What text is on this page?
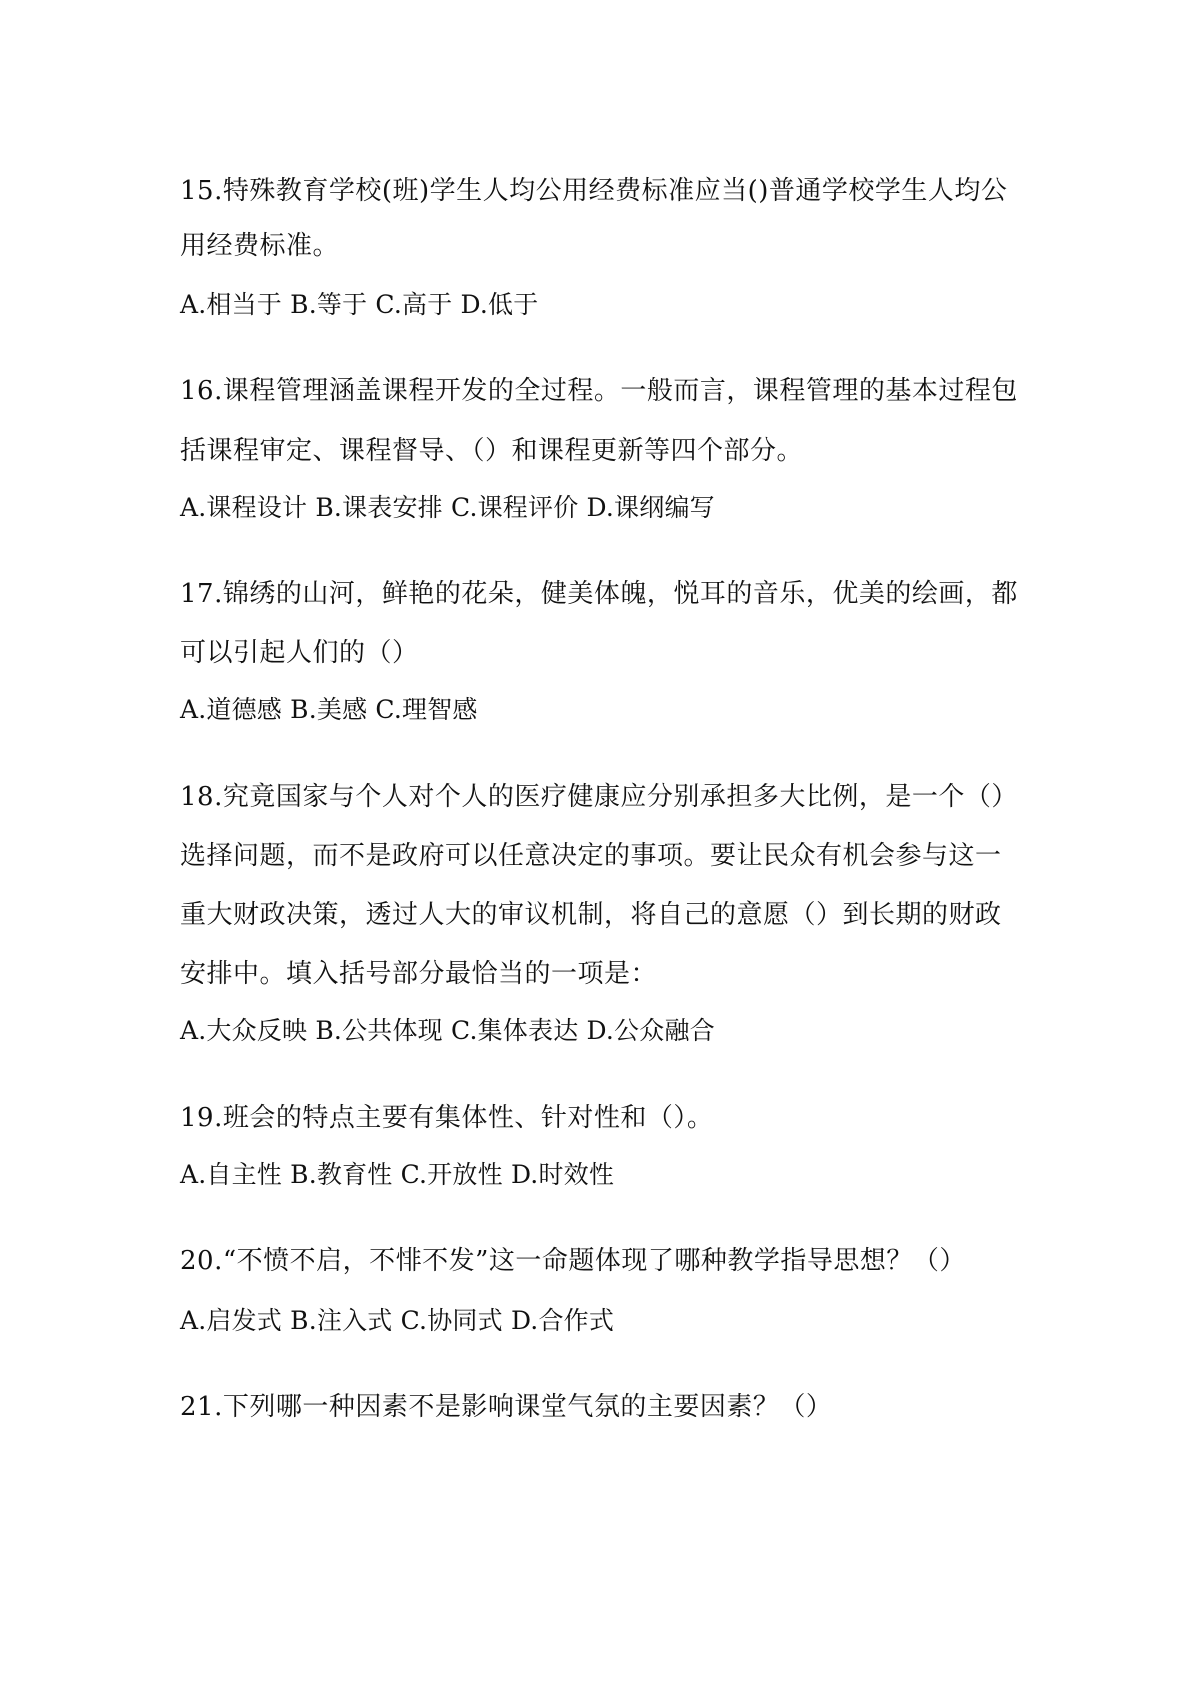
15.特殊教育学校(班)学生人均公用经费标准应当()普通学校学生人均公
用经费标准。
A.相当于 B.等于 C.高于 D.低于
16.课程管理涵盖课程开发的全过程。一般而言，课程管理的基本过程包
括课程审定、课程督导、（）和课程更新等四个部分。
A.课程设计 B.课表安排 C.课程评价 D.课纲编写
17.锦绣的山河，鲜艳的花朵，健美体魄，悦耳的音乐，优美的绘画，都
可以引起人们的（）
A.道德感 B.美感 C.理智感
18.究竟国家与个人对个人的医疗健康应分别承担多大比例，是一个（）
选择问题，而不是政府可以任意决定的事项。要让民众有机会参与这一
重大财政决策，透过人大的审议机制，将自己的意愿（）到长期的财政
安排中。填入括号部分最恰当的一项是：
A.大众反映 B.公共体现 C.集体表达 D.公众融合
19.班会的特点主要有集体性、针对性和（）。
A.自主性 B.教育性 C.开放性 D.时效性
20.“不愤不启，不悱不发”这一命题体现了哪种教学指导思想？（）
A.启发式 B.注入式 C.协同式 D.合作式
21.下列哪一种因素不是影响课堂气氛的主要因素？（）
